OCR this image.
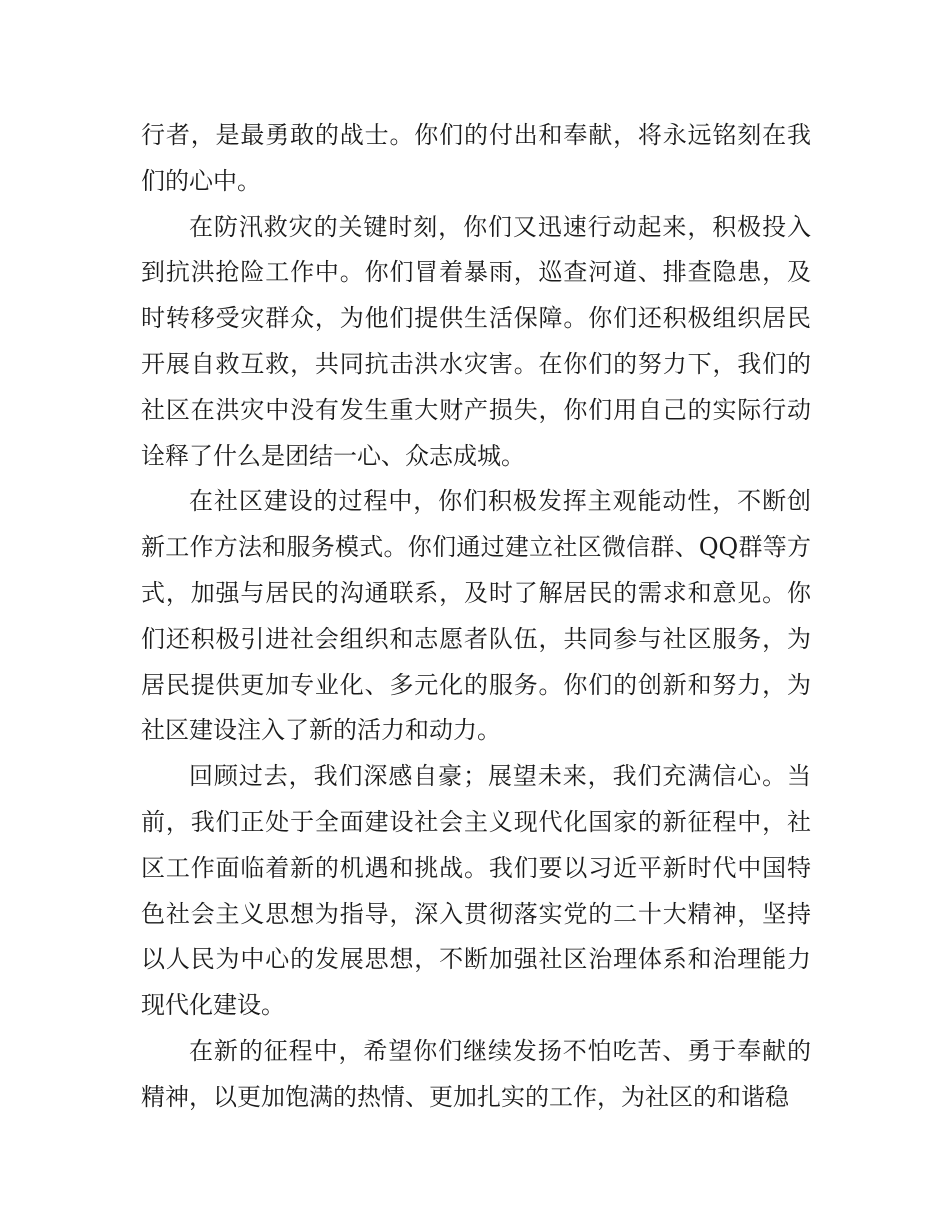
行者，是最勇敢的战士。你们的付出和奉献，将永远铭刻在我们的心中。

在防汛救灾的关键时刻，你们又迅速行动起来，积极投入到抗洪抢险工作中。你们冒着暴雨，巡查河道、排查隐患，及时转移受灾群众，为他们提供生活保障。你们还积极组织居民开展自救互救，共同抗击洪水灾害。在你们的努力下，我们的社区在洪灾中没有发生重大财产损失，你们用自己的实际行动诠释了什么是团结一心、众志成城。

在社区建设的过程中，你们积极发挥主观能动性，不断创新工作方法和服务模式。你们通过建立社区微信群、QQ群等方式，加强与居民的沟通联系，及时了解居民的需求和意见。你们还积极引进社会组织和志愿者队伍，共同参与社区服务，为居民提供更加专业化、多元化的服务。你们的创新和努力，为社区建设注入了新的活力和动力。

回顾过去，我们深感自豪；展望未来，我们充满信心。当前，我们正处于全面建设社会主义现代化国家的新征程中，社区工作面临着新的机遇和挑战。我们要以习近平新时代中国特色社会主义思想为指导，深入贯彻落实党的二十大精神，坚持以人民为中心的发展思想，不断加强社区治理体系和治理能力现代化建设。

在新的征程中，希望你们继续发扬不怕吃苦、勇于奉献的精神，以更加饱满的热情、更加扎实的工作，为社区的和谐稳
